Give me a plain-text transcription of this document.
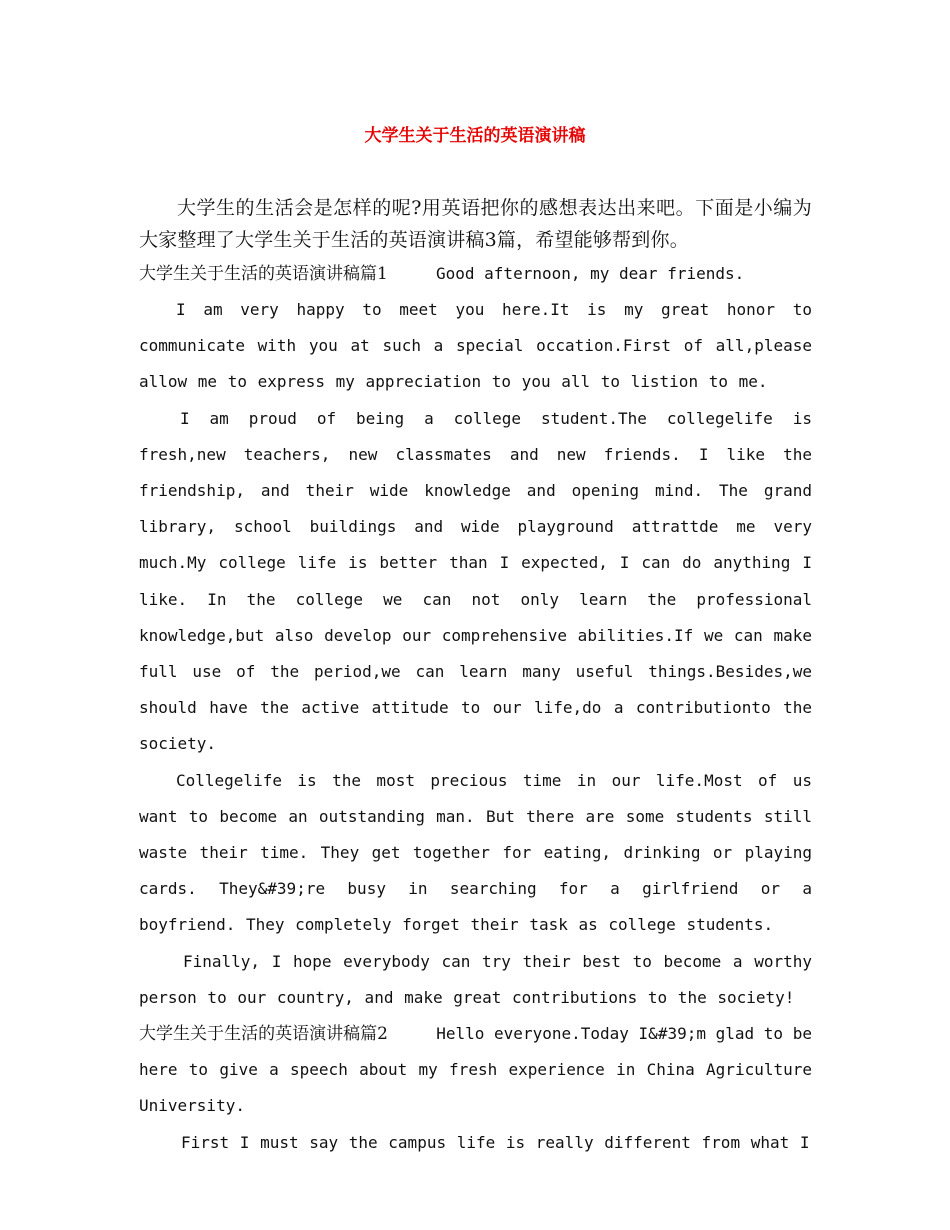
大学生关于生活的英语演讲稿

大学生的生活会是怎样的呢?用英语把你的感想表达出来吧。下面是小编为大家整理了大学生关于生活的英语演讲稿3篇，希望能够帮到你。

大学生关于生活的英语演讲稿篇1	Good afternoon, my dear friends.

I am very happy to meet you here.It is my great honor to communicate with you at such a special occation.First of all,please allow me to express my appreciation to you all to listion to me.

I am proud of being a college student.The collegelife is fresh,new teachers, new classmates and new friends. I like the friendship, and their wide knowledge and opening mind. The grand library, school buildings and wide playground attrattde me very much.My college life is better than I expected, I can do anything I like. In the college we can not only learn the professional knowledge,but also develop our comprehensive abilities.If we can make full use of the period,we can learn many useful things.Besides,we should have the active attitude to our life,do a contributionto the society.

Collegelife is the most precious time in our life.Most of us want to become an outstanding man. But there are some students still waste their time. They get together for eating, drinking or playing cards. They&#39;re busy in searching for a girlfriend or a boyfriend. They completely forget their task as college students.

Finally, I hope everybody can try their best to become a worthy person to our country, and make great contributions to the society!

大学生关于生活的英语演讲稿篇2	Hello everyone.Today I&#39;m glad to be here to give a speech about my fresh experience in China Agriculture University.

First I must say the campus life is really different from what I
